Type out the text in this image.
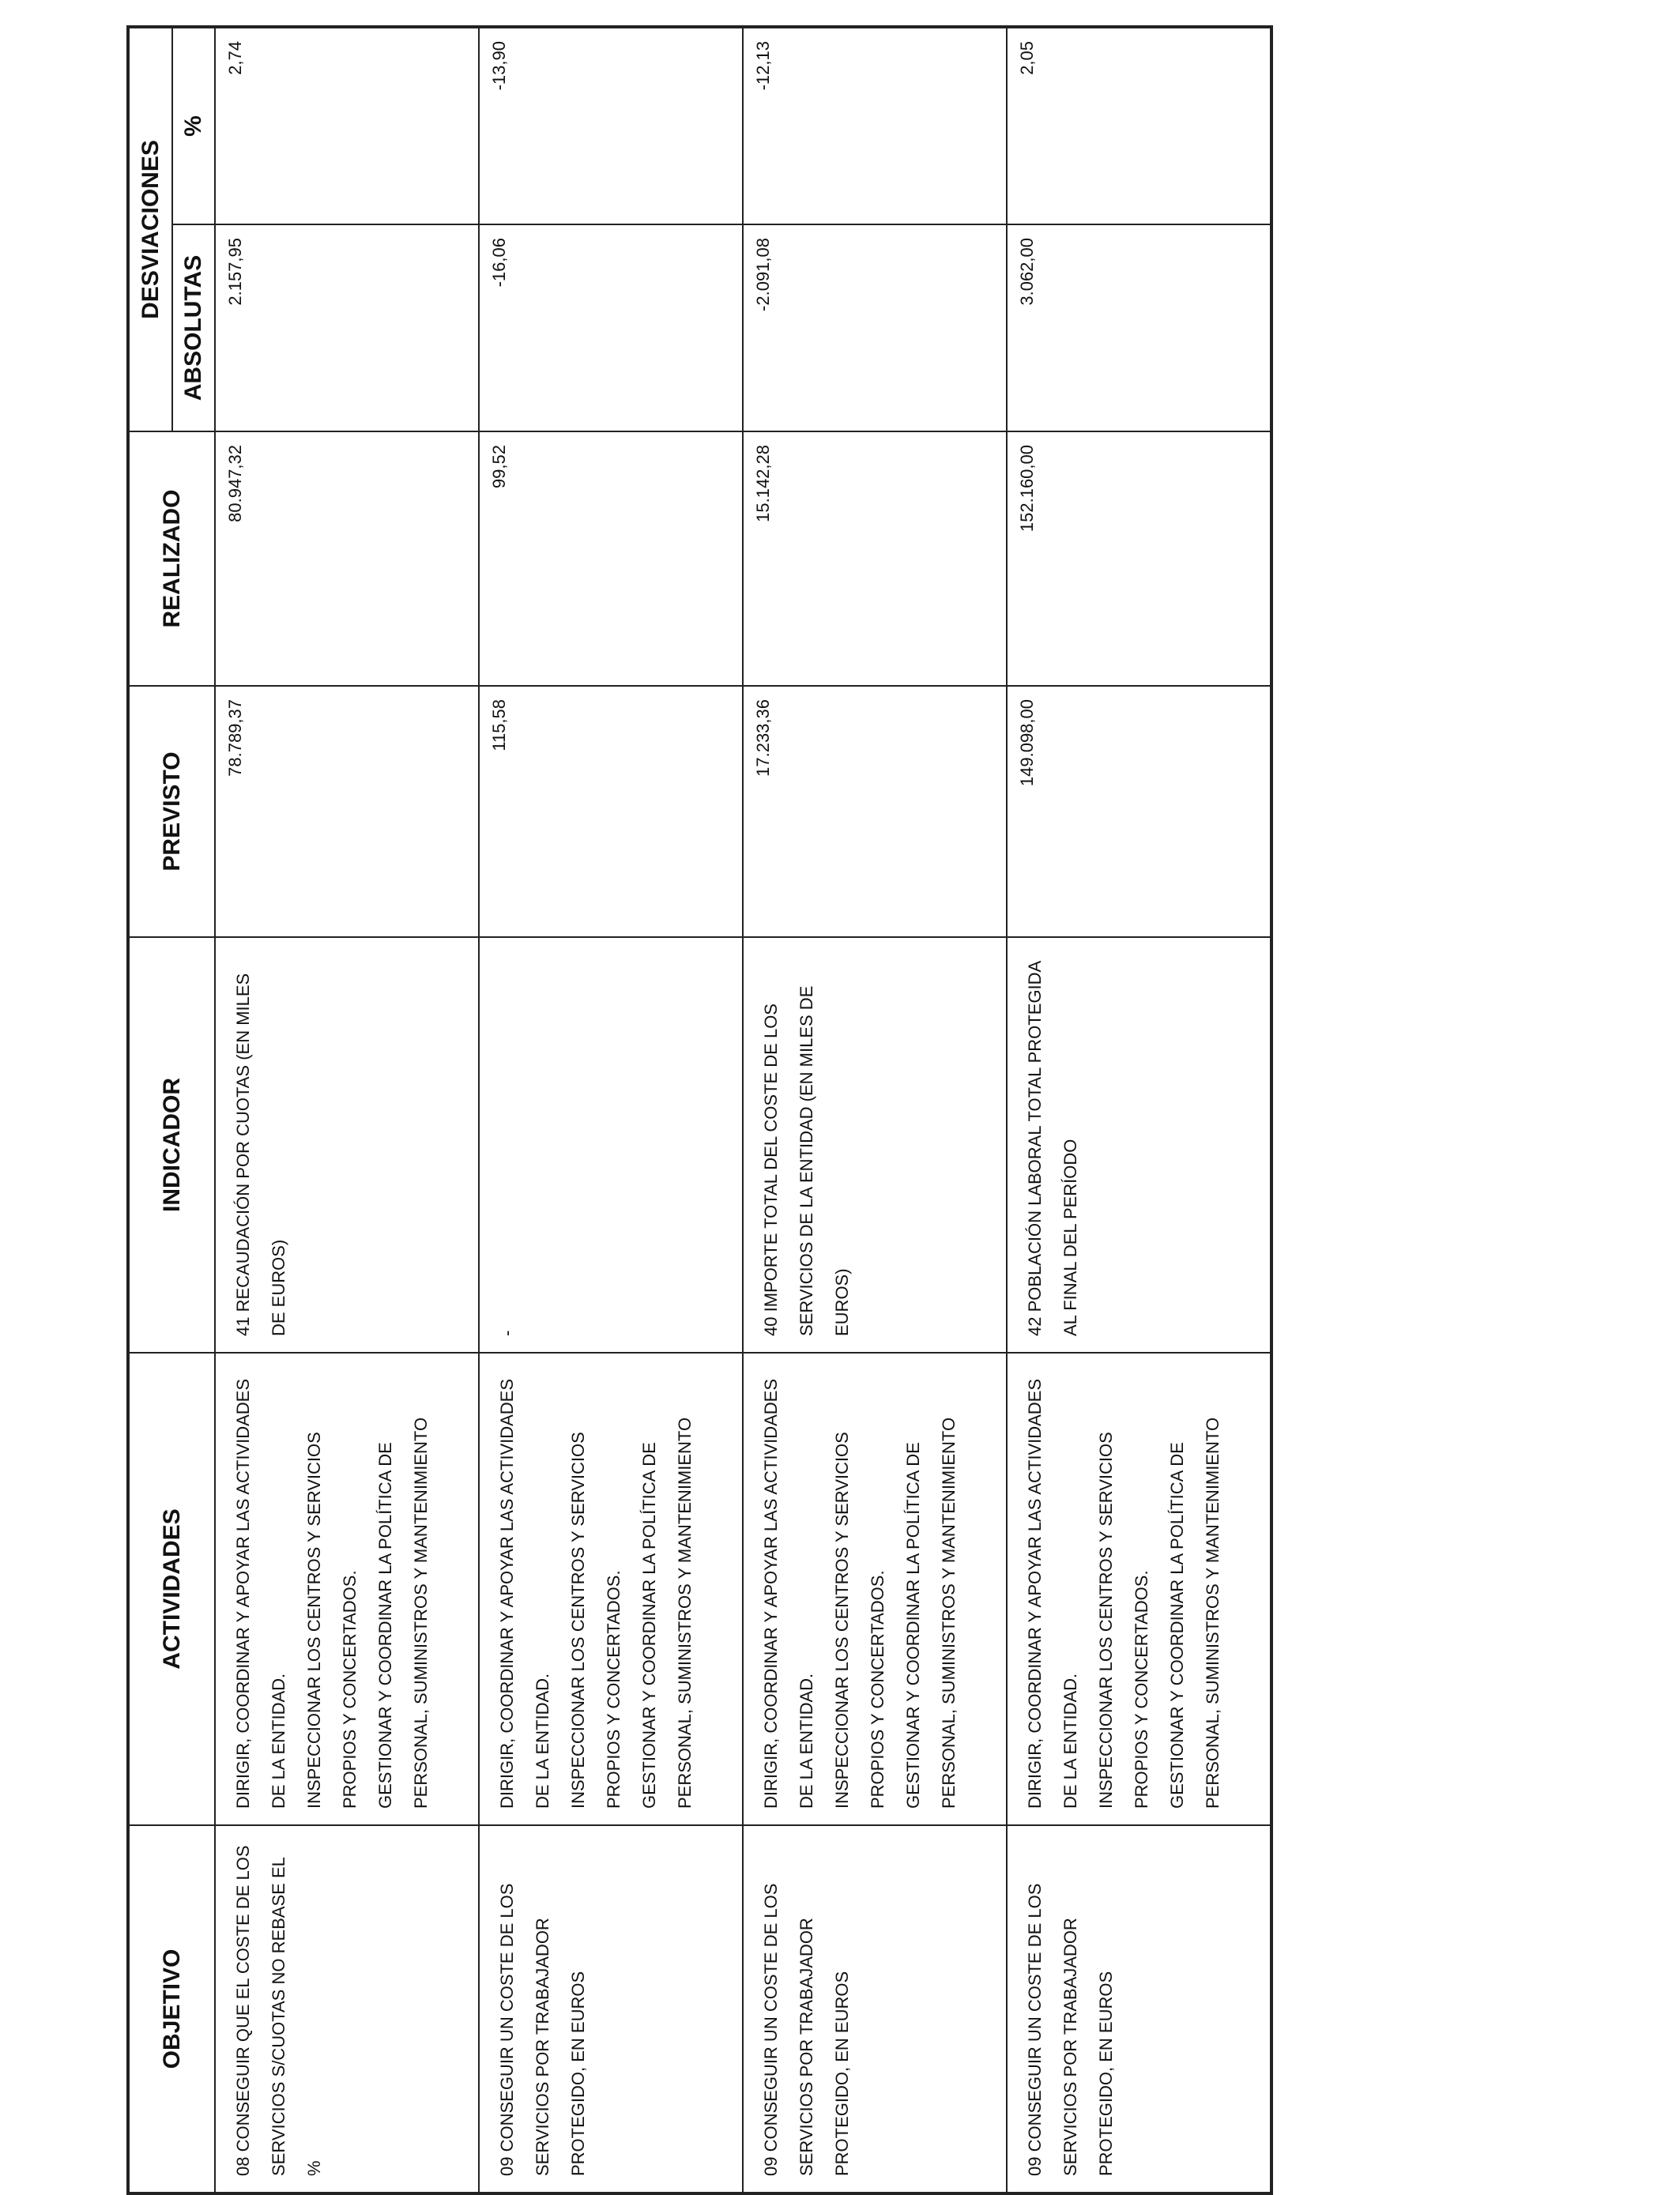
OBJETIVO	ACTIVIDADES	INDICADOR	PREVISTO	REALIZADO	DESVIACIONES	
					ABSOLUTAS	%
08 CONSEGUIR QUE EL COSTE DE LOS SERVICIOS S/CUOTAS NO REBASE EL %	DIRIGIR, COORDINAR Y APOYAR LAS ACTIVIDADES DE LA ENTIDAD. INSPECCIONAR LOS CENTROS Y SERVICIOS PROPIOS Y CONCERTADOS. GESTIONAR Y COORDINAR LA POLÍTICA DE PERSONAL, SUMINISTROS Y MANTENIMIENTO	41 RECAUDACIÓN POR CUOTAS (EN MILES DE EUROS)	78.789,37	80.947,32	2.157,95	2,74
09 CONSEGUIR UN COSTE DE LOS SERVICIOS POR TRABAJADOR PROTEGIDO, EN EUROS	DIRIGIR, COORDINAR Y APOYAR LAS ACTIVIDADES DE LA ENTIDAD. INSPECCIONAR LOS CENTROS Y SERVICIOS PROPIOS Y CONCERTADOS. GESTIONAR Y COORDINAR LA POLÍTICA DE PERSONAL, SUMINISTROS Y MANTENIMIENTO	-	115,58	99,52	-16,06	-13,90
09 CONSEGUIR UN COSTE DE LOS SERVICIOS POR TRABAJADOR PROTEGIDO, EN EUROS	DIRIGIR, COORDINAR Y APOYAR LAS ACTIVIDADES DE LA ENTIDAD. INSPECCIONAR LOS CENTROS Y SERVICIOS PROPIOS Y CONCERTADOS. GESTIONAR Y COORDINAR LA POLÍTICA DE PERSONAL, SUMINISTROS Y MANTENIMIENTO	40 IMPORTE TOTAL DEL COSTE DE LOS SERVICIOS DE LA ENTIDAD (EN MILES DE EUROS)	17.233,36	15.142,28	-2.091,08	-12,13
09 CONSEGUIR UN COSTE DE LOS SERVICIOS POR TRABAJADOR PROTEGIDO, EN EUROS	DIRIGIR, COORDINAR Y APOYAR LAS ACTIVIDADES DE LA ENTIDAD. INSPECCIONAR LOS CENTROS Y SERVICIOS PROPIOS Y CONCERTADOS. GESTIONAR Y COORDINAR LA POLÍTICA DE PERSONAL, SUMINISTROS Y MANTENIMIENTO	42 POBLACIÓN LABORAL TOTAL PROTEGIDA AL FINAL DEL PERÍODO	149.098,00	152.160,00	3.062,00	2,05
